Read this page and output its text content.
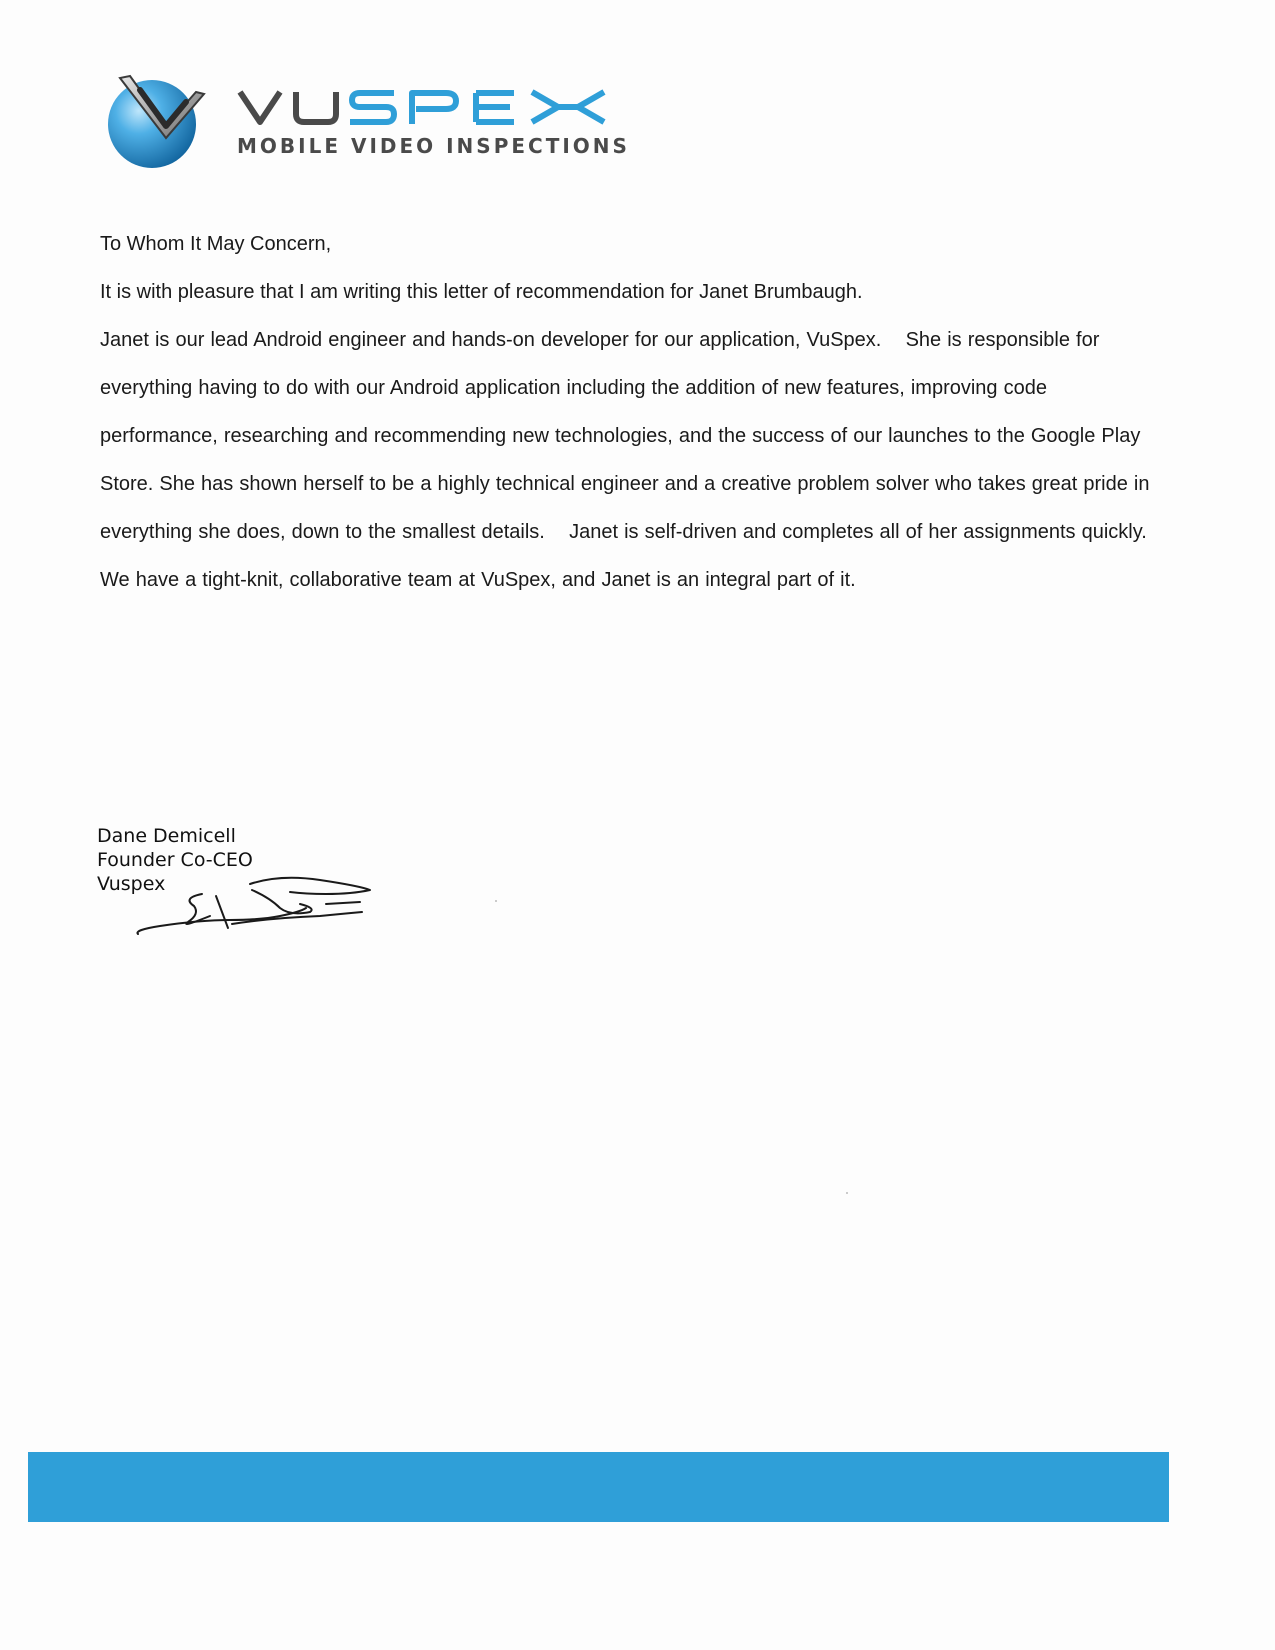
MOBILE VIDEO INSPECTIONS

To Whom It May Concern,

It is with pleasure that I am writing this letter of recommendation for Janet Brumbaugh.

Janet is our lead Android engineer and hands-on developer for our application, VuSpex.    She is responsible for everything having to do with our Android application including the addition of new features, improving code performance, researching and recommending new technologies, and the success of our launches to the Google Play Store. She has shown herself to be a highly technical engineer and a creative problem solver who takes great pride in everything she does, down to the smallest details.    Janet is self-driven and completes all of her assignments quickly.    We have a tight-knit, collaborative team at VuSpex, and Janet is an integral part of it.

Dane Demicell
Founder Co-CEO
Vuspex
